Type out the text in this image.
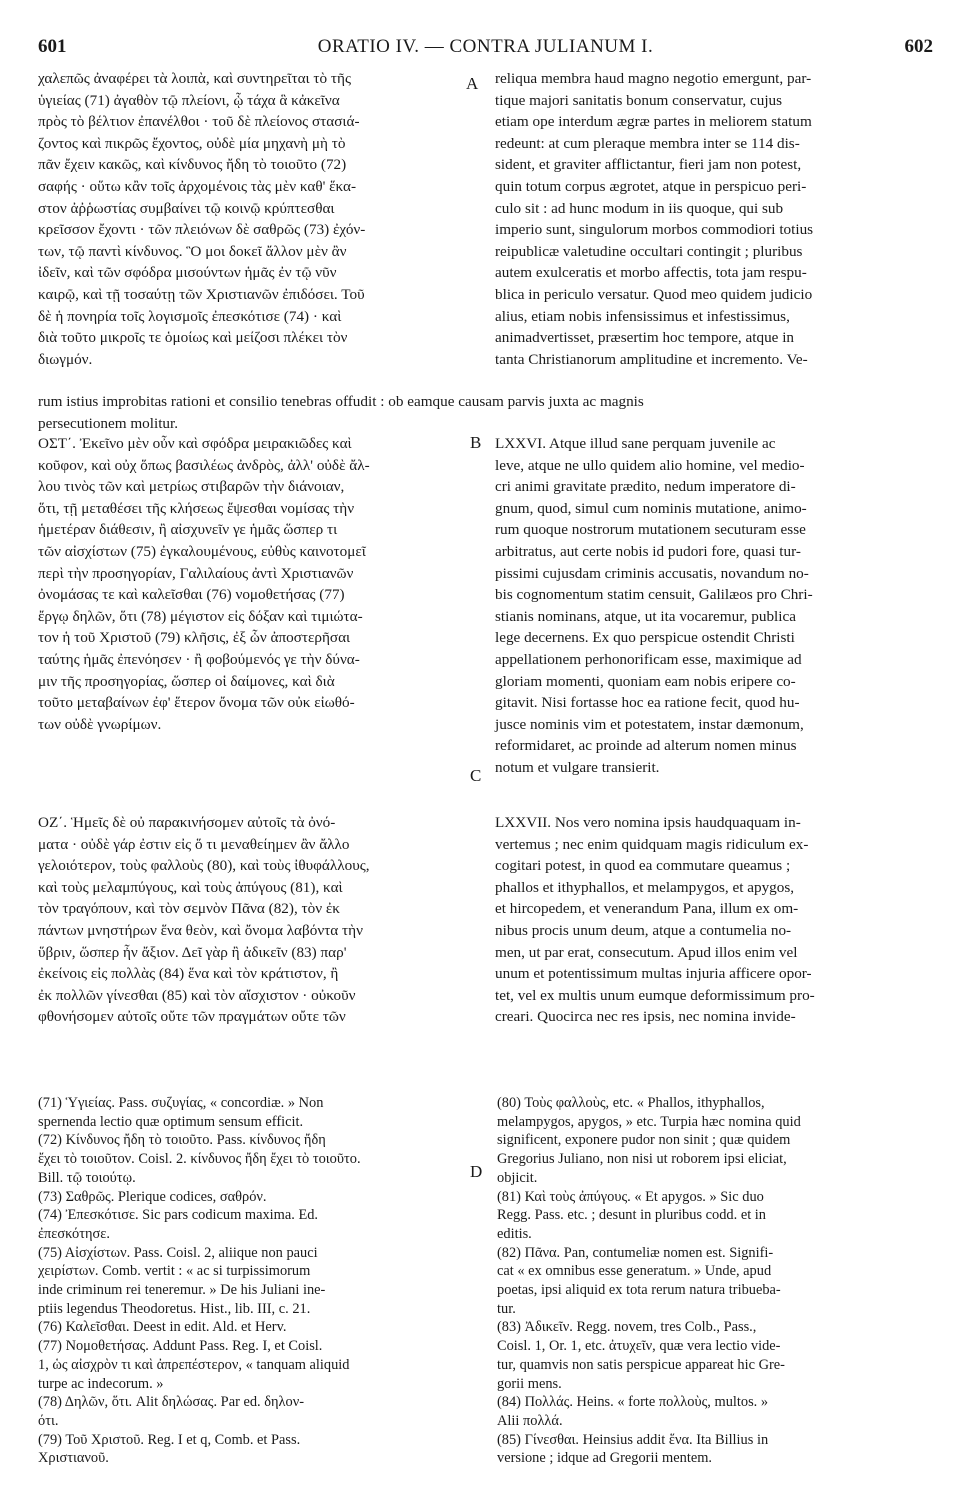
601	ORATIO IV. — CONTRA JULIANUM I.	602
A
B
C
D
χαλεπῶς ἀναφέρει τὰ λοιπὰ, καὶ συντηρεῖται τὸ τῆς
ὑγιείας (71) ἀγαθὸν τῷ πλείονι, ᾧ τάχα ἃ κἀκεῖνα
πρὸς τὸ βέλτιον ἐπανέλθοι · τοῦ δὲ πλείονος στασιά-
ζοντος καὶ πικρῶς ἔχοντος, οὐδὲ μία μηχανὴ μὴ τὸ
πᾶν ἔχειν κακῶς, καὶ κίνδυνος ἤδη τὸ τοιοῦτο (72)
σαφής · οὕτω κἂν τοῖς ἀρχομένοις τὰς μὲν καθ' ἕκα-
στον ἀῤῥωστίας συμβαίνει τῷ κοινῷ κρύπτεσθαι
κρεῖσσον ἔχοντι · τῶν πλειόνων δὲ σαθρῶς (73) ἐχόν-
των, τῷ παντὶ κίνδυνος. Ὃ μοι δοκεῖ ἄλλον μὲν ἂν
ἰδεῖν, καὶ τῶν σφόδρα μισούντων ἡμᾶς ἐν τῷ νῦν
καιρῷ, καὶ τῇ τοσαύτῃ τῶν Χριστιανῶν ἐπιδόσει. Τοῦ
δὲ ἡ πονηρία τοῖς λογισμοῖς ἐπεσκότισε (74) · καὶ
διὰ τοῦτο μικροῖς τε ὁμοίως καὶ μείζοσι πλέκει τὸν
διωγμόν.
reliqua membra haud magno negotio emergunt, par-
tique majori sanitatis bonum conservatur, cujus
etiam ope interdum ægræ partes in meliorem statum
redeunt: at cum pleraque membra inter se 114 dis-
sident, et graviter afflictantur, fieri jam non potest,
quin totum corpus ægrotet, atque in perspicuo peri-
culo sit : ad hunc modum in iis quoque, qui sub
imperio sunt, singulorum morbos commodiori totius
reipublicæ valetudine occultari contingit ; pluribus
autem exulceratis et morbo affectis, tota jam respu-
blica in periculo versatur. Quod meo quidem judicio
alius, etiam nobis infensissimus et infestissimus,
animadvertisset, præsertim hoc tempore, atque in
tanta Christianorum amplitudine et incremento. Ve-
rum istius improbitas rationi et consilio tenebras offudit : ob eamque causam parvis juxta ac magnis
persecutionem molitur.
ΟΣΤ΄. Ἐκεῖνο μὲν οὖν καὶ σφόδρα μειρακιῶδες καὶ
κοῦφον, καὶ οὐχ ὅπως βασιλέως ἀνδρὸς, ἀλλ' οὐδὲ ἄλ-
λου τινὸς τῶν καὶ μετρίως στιβαρῶν τὴν διάνοιαν,
ὅτι, τῇ μεταθέσει τῆς κλήσεως ἔψεσθαι νομίσας τὴν
ἡμετέραν διάθεσιν, ἢ αἰσχυνεῖν γε ἡμᾶς ὥσπερ τι
τῶν αἰσχίστων (75) ἐγκαλουμένους, εὐθὺς καινοτομεῖ
περὶ τὴν προσηγορίαν, Γαλιλαίους ἀντὶ Χριστιανῶν
ὀνομάσας τε καὶ καλεῖσθαι (76) νομοθετήσας (77)
ἔργῳ δηλῶν, ὅτι (78) μέγιστον εἰς δόξαν καὶ τιμιώτα-
τον ἡ τοῦ Χριστοῦ (79) κλῆσις, ἐξ ὧν ἀποστερῆσαι
ταύτης ἡμᾶς ἐπενόησεν · ἢ φοβούμενός γε τὴν δύνα-
μιν τῆς προσηγορίας, ὥσπερ οἱ δαίμονες, καὶ διὰ
τοῦτο μεταβαίνων ἐφ' ἕτερον ὄνομα τῶν οὐκ εἰωθό-
των οὐδὲ γνωρίμων.
LXXVI. Atque illud sane perquam juvenile ac
leve, atque ne ullo quidem alio homine, vel medio-
cri animi gravitate prædito, nedum imperatore di-
gnum, quod, simul cum nominis mutatione, animo-
rum quoque nostrorum mutationem secuturam esse
arbitratus, aut certe nobis id pudori fore, quasi tur-
pissimi cujusdam criminis accusatis, novandum no-
bis cognomentum statim censuit, Galilæos pro Chri-
stianis nominans, atque, ut ita vocaremur, publica
lege decernens. Ex quo perspicue ostendit Christi
appellationem perhonorificam esse, maximique ad
gloriam momenti, quoniam eam nobis eripere co-
gitavit. Nisi fortasse hoc ea ratione fecit, quod hu-
jusce nominis vim et potestatem, instar dæmonum,
reformidaret, ac proinde ad alterum nomen minus
notum et vulgare transierit.
ΟΖ΄. Ἡμεῖς δὲ οὐ παρακινήσομεν αὐτοῖς τὰ ὀνό-
ματα · οὐδὲ γάρ ἐστιν εἰς ὅ τι μεναθείημεν ἂν ἄλλο
γελοιότερον, τοὺς φαλλοὺς (80), καὶ τοὺς ἰθυφάλλους,
καὶ τοὺς μελαμπύγους, καὶ τοὺς ἀπύγους (81), καὶ
τὸν τραγόπουν, καὶ τὸν σεμνὸν Πᾶνα (82), τὸν ἐκ
πάντων μνηστήρων ἕνα θεὸν, καὶ ὄνομα λαβόντα τὴν
ὕβριν, ὥσπερ ἦν ἄξιον. Δεῖ γὰρ ἢ ἀδικεῖν (83) παρ'
ἐκείνοις εἰς πολλὰς (84) ἕνα καὶ τὸν κράτιστον, ἢ
ἐκ πολλῶν γίνεσθαι (85) καὶ τὸν αἴσχιστον · οὐκοῦν
φθονήσομεν αὐτοῖς οὔτε τῶν πραγμάτων οὔτε τῶν
LXXVII. Nos vero nomina ipsis haudquaquam in-
vertemus ; nec enim quidquam magis ridiculum ex-
cogitari potest, in quod ea commutare queamus ;
phallos et ithyphallos, et melampygos, et apygos,
et hircopedem, et venerandum Pana, illum ex om-
nibus procis unum deum, atque a contumelia no-
men, ut par erat, consecutum. Apud illos enim vel
unum et potentissimum multas injuria afficere opor-
tet, vel ex multis unum eumque deformissimum pro-
creari. Quocirca nec res ipsis, nec nomina invide-
(71) Ὑγιείας. Pass. συζυγίας, « concordiæ. » Non
spernenda lectio quæ optimum sensum efficit.
(72) Κίνδυνος ἤδη τὸ τοιοῦτο. Pass. κίνδυνος ἤδη
ἔχει τὸ τοιοῦτον. Coisl. 2. κίνδυνος ἤδη ἔχει τὸ τοιοῦτο.
Bill. τῷ τοιούτῳ.
(73) Σαθρῶς. Plerique codices, σαθρόν.
(74) Ἐπεσκότισε. Sic pars codicum maxima. Ed.
ἐπεσκότησε.
(75) Αἰσχίστων. Pass. Coisl. 2, aliique non pauci
χειρίστων. Comb. vertit : « ac si turpissimorum
inde criminum rei teneremur. » De his Juliani ine-
ptiis legendus Theodoretus. Hist., lib. III, c. 21.
(76) Καλεῖσθαι. Deest in edit. Ald. et Herv.
(77) Νομοθετήσας. Addunt Pass. Reg. I, et Coisl.
1, ὡς αἰσχρὸν τι καὶ ἀπρεπέστερον, « tanquam aliquid
turpe ac indecorum. »
(78) Δηλῶν, ὅτι. Alit δηλώσας. Par ed. δηλον-
ότι.
(79) Τοῦ Χριστοῦ. Reg. I et q, Comb. et Pass.
Χριστιανοῦ.
(80) Τοὺς φαλλοὺς, etc. « Phallos, ithyphallos,
melampygos, apygos, » etc. Turpia hæc nomina quid
significent, exponere pudor non sinit ; quæ quidem
Gregorius Juliano, non nisi ut roborem ipsi eliciat,
objicit.
(81) Καὶ τοὺς ἀπύγους. « Et apygos. » Sic duo
Regg. Pass. etc. ; desunt in pluribus codd. et in
editis.
(82) Πᾶνα. Pan, contumeliæ nomen est. Signifi-
cat « ex omnibus esse generatum. » Unde, apud
poetas, ipsi aliquid ex tota rerum natura tribueba-
tur.
(83) Ἀδικεῖν. Regg. novem, tres Colb., Pass.,
Coisl. 1, Or. 1, etc. ἀτυχεῖν, quæ vera lectio vide-
tur, quamvis non satis perspicue appareat hic Gre-
gorii mens.
(84) Πολλάς. Heins. « forte πολλοὺς, multos. »
Alii πολλά.
(85) Γίνεσθαι. Heinsius addit ἕνα. Ita Billius in
versione ; idque ad Gregorii mentem.
